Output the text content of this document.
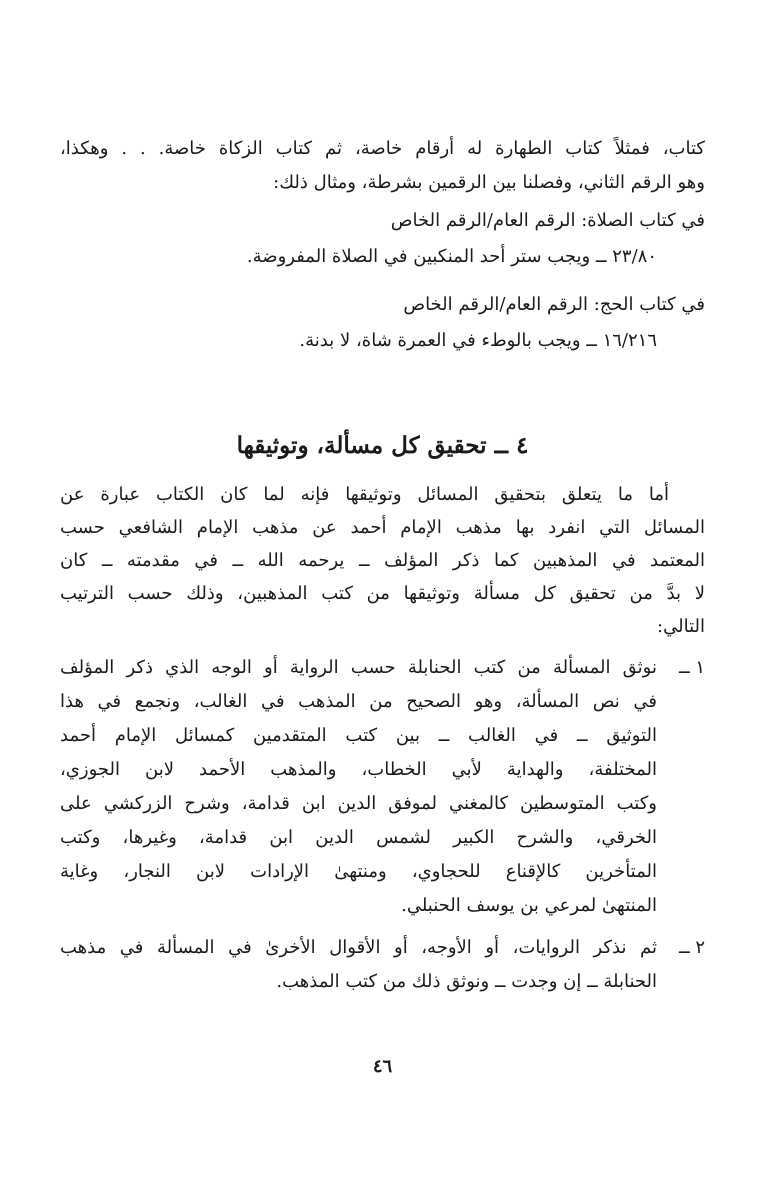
كتاب، فمثلاً كتاب الطهارة له أرقام خاصة، ثم كتاب الزكاة خاصة. . . وهكذا،
وهو الرقم الثاني، وفصلنا بين الرقمين بشرطة، ومثال ذلك:
في كتاب الصلاة: الرقم العام/الرقم الخاص
٢٣/٨٠ ــ ويجب ستر أحد المنكبين في الصلاة المفروضة.
في كتاب الحج: الرقم العام/الرقم الخاص
١٦/٢١٦ ــ ويجب بالوطء في العمرة شاة، لا بدنة.
٤ ــ تحقيق كل مسألة، وتوثيقها
أما ما يتعلق بتحقيق المسائل وتوثيقها فإنه لما كان الكتاب عبارة عن
المسائل التي انفرد بها مذهب الإمام أحمد عن مذهب الإمام الشافعي حسب
المعتمد في المذهبين كما ذكر المؤلف ــ يرحمه الله ــ في مقدمته ــ كان
لا بدَّ من تحقيق كل مسألة وتوثيقها من كتب المذهبين، وذلك حسب الترتيب
التالي:
١ ــ
نوثق المسألة من كتب الحنابلة حسب الرواية أو الوجه الذي ذكر المؤلف
في نص المسألة، وهو الصحيح من المذهب في الغالب، ونجمع في هذا
التوثيق ــ في الغالب ــ بين كتب المتقدمين كمسائل الإمام أحمد
المختلفة، والهداية لأبي الخطاب، والمذهب الأحمد لابن الجوزي،
وكتب المتوسطين كالمغني لموفق الدين ابن قدامة، وشرح الزركشي على
الخرقي، والشرح الكبير لشمس الدين ابن قدامة، وغيرها، وكتب
المتأخرين كالإقناع للحجاوي، ومنتهىٰ الإرادات لابن النجار، وغاية
المنتهىٰ لمرعي بن يوسف الحنبلي.
٢ ــ
ثم نذكر الروايات، أو الأوجه، أو الأقوال الأخرىٰ في المسألة في مذهب
الحنابلة ــ إن وجدت ــ ونوثق ذلك من كتب المذهب.
٤٦
